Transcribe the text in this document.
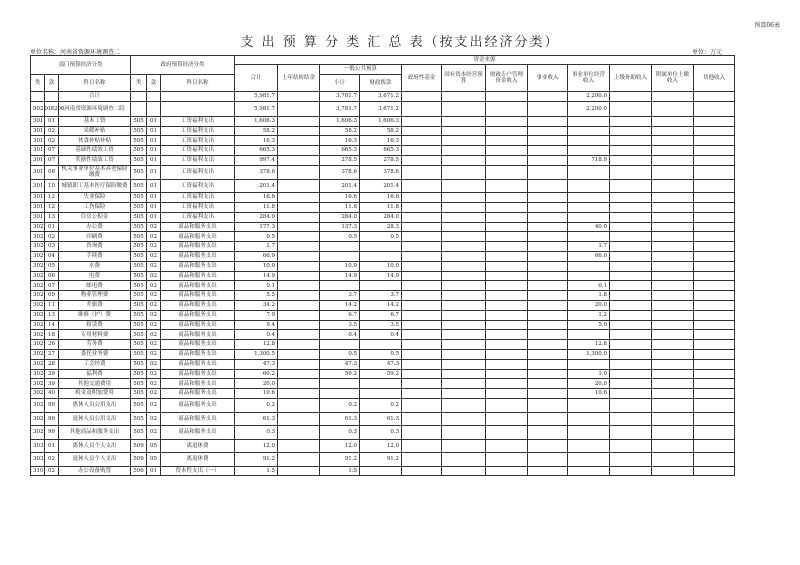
预算06表
支 出 预 算 分 类 汇 总 表（按支出经济分类）
单位名称：河南省资源环境调查二	单位：万元
部门预算经济分类			政府预算经济分类			资金来源											
						合计	上年结转结余	一般公共预算		政府性基金	国有资本经营预算	财政专户管理资金收入	事业收入	事业单位经营收入	上级补助收入	附属单位上缴收入	其他收入
类	款	科目名称	类	款	科目名称			小计	财政拨款								
		合计				5,981.7		3,781.7	3,671.2					2,200.0			
902208206		河南省资源环境调查二院				5,981.7		3,781.7	3,671.2					2,200.0			
301	01	基本工资	505	01	工资福利支出	1,606.3		1,606.3	1,606.3								
301	02	采暖补贴	505	01	工资福利支出	58.2		58.2	58.2								
301	02	伙食补贴补贴	505	01	工资福利支出	16.3		16.3	16.3								
301	07	基础性绩效工资	505	01	工资福利支出	665.3		665.3	665.3								
301	07	奖励性绩效工资	505	01	工资福利支出	997.4		278.5	278.5					718.9			
301	08	机关事业单位基本养老保险缴费	505	01	工资福利支出	378.6		378.6	378.6								
301	10	城镇职工基本医疗保险缴费	505	01	工资福利支出	201.4		201.4	201.4								
301	12	失业保险	505	01	工资福利支出	16.6		16.6	16.6								
301	12	工伤保险	505	01	工资福利支出	11.8		11.8	11.8								
301	13	住房公积金	505	01	工资福利支出	284.0		284.0	284.0								
302	01	办公费	505	02	商品和服务支出	177.3		137.3	28.3					40.0			
302	02	印刷费	505	02	商品和服务支出	0.5		0.5	0.5								
302	03	咨询费	505	02	商品和服务支出	1.7								1.7			
302	04	手续费	505	02	商品和服务支出	66.0								66.0			
302	05	水费	505	02	商品和服务支出	10.0		10.0	10.0								
302	06	电费	505	02	商品和服务支出	14.9		14.9	14.9								
302	07	邮电费	505	02	商品和服务支出	0.1								0.1			
302	09	物业管理费	505	02	商品和服务支出	5.5		3.7	3.7					1.8			
302	11	差旅费	505	02	商品和服务支出	34.2		14.2	14.2					20.0			
302	13	维修（护）费	505	02	商品和服务支出	7.9		6.7	6.7					1.2			
302	14	租赁费	505	02	商品和服务支出	9.4		3.5	3.5					5.9			
302	18	专用材料费	505	02	商品和服务支出	0.4		0.4	0.4								
302	26	劳务费	505	02	商品和服务支出	12.8								12.8			
302	27	委托业务费	505	02	商品和服务支出	1,300.5		0.5	0.5					1,300.0			
302	28	工会经费	505	02	商品和服务支出	47.3		47.3	47.3								
302	29	福利费	505	02	商品和服务支出	60.2		59.2	59.2					1.0			
302	39	其他交通费用	505	02	商品和服务支出	20.0								20.0			
302	40	税金及附加费用	505	02	商品和服务支出	10.6								10.6			
302	99	离休人员公用支出	505	02	商品和服务支出	0.2		0.2	0.2								
302	99	退休人员公用支出	505	02	商品和服务支出	61.3		61.3	61.3								
302	99	其他商品和服务支出	505	02	商品和服务支出	0.3		0.3	0.3								
303	01	离休人员个人支出	509	05	离退休费	12.0		12.0	12.0								
303	02	退休人员个人支出	509	05	离退休费	91.2		91.2	91.2								
310	02	办公设备购置	506	01	资本性支出（一）	1.5		1.5									
